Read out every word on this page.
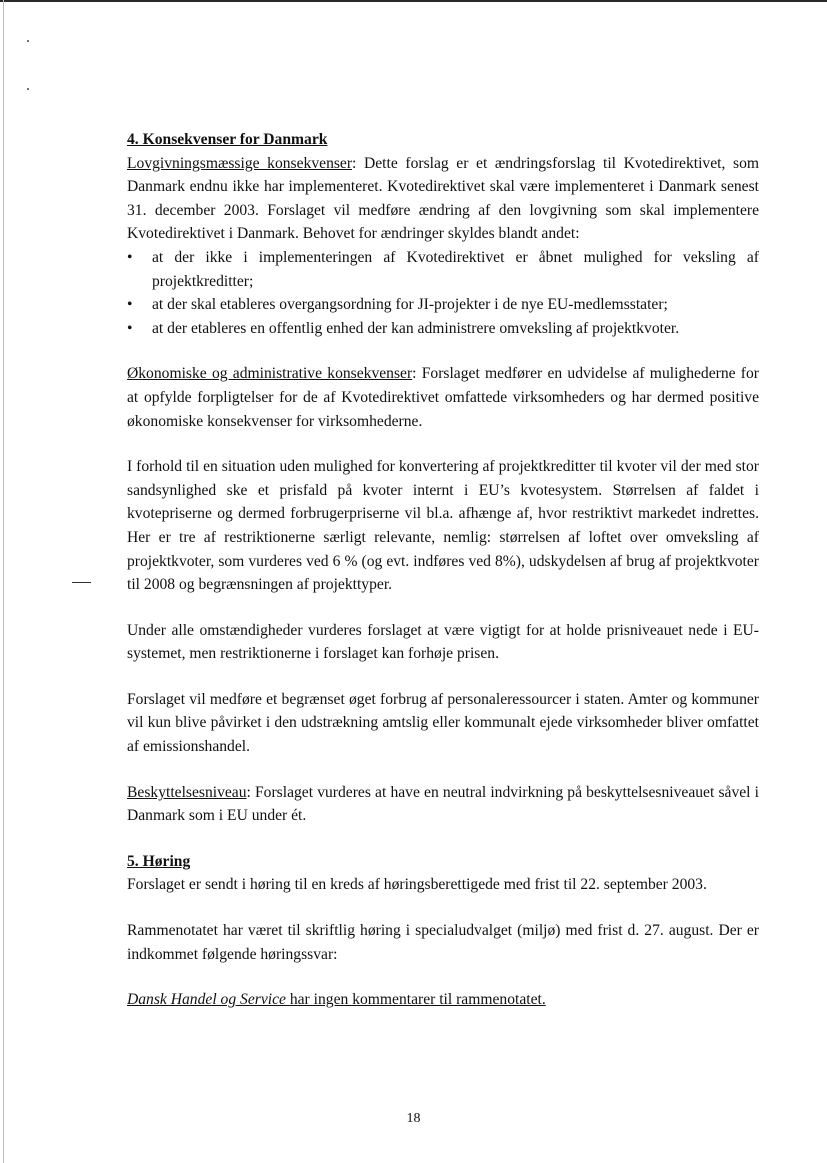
4. Konsekvenser for Danmark

Lovgivningsmæssige konsekvenser: Dette forslag er et ændringsforslag til Kvotedirektivet, som Danmark endnu ikke har implementeret. Kvotedirektivet skal være implementeret i Danmark senest 31. december 2003. Forslaget vil medføre ændring af den lovgivning som skal implementere Kvotedirektivet i Danmark. Behovet for ændringer skyldes blandt andet:

• at der ikke i implementeringen af Kvotedirektivet er åbnet mulighed for veksling af projektkreditter;
• at der skal etableres overgangsordning for JI-projekter i de nye EU-medlemsstater;
• at der etableres en offentlig enhed der kan administrere omveksling af projektkvoter.

Økonomiske og administrative konsekvenser: Forslaget medfører en udvidelse af mulighederne for at opfylde forpligtelser for de af Kvotedirektivet omfattede virksomheders og har dermed positive økonomiske konsekvenser for virksomhederne.

I forhold til en situation uden mulighed for konvertering af projektkreditter til kvoter vil der med stor sandsynlighed ske et prisfald på kvoter internt i EU’s kvotesystem. Størrelsen af faldet i kvotepriserne og dermed forbrugerpriserne vil bl.a. afhænge af, hvor restriktivt markedet indrettes. Her er tre af restriktionerne særligt relevante, nemlig: størrelsen af loftet over omveksling af projektkvoter, som vurderes ved 6 % (og evt. indføres ved 8%), udskydelsen af brug af projektkvoter til 2008 og begrænsningen af projekttyper.

Under alle omstændigheder vurderes forslaget at være vigtigt for at holde prisniveauet nede i EU-systemet, men restriktionerne i forslaget kan forhøje prisen.

Forslaget vil medføre et begrænset øget forbrug af personaleressourcer i staten. Amter og kommuner vil kun blive påvirket i den udstrækning amtslig eller kommunalt ejede virksomheder bliver omfattet af emissionshandel.

Beskyttelsesniveau: Forslaget vurderes at have en neutral indvirkning på beskyttelsesniveauet såvel i Danmark som i EU under ét.

5. Høring

Forslaget er sendt i høring til en kreds af høringsberettigede med frist til 22. september 2003.

Rammenotatet har været til skriftlig høring i specialudvalget (miljø) med frist d. 27. august. Der er indkommet følgende høringssvar:

Dansk Handel og Service har ingen kommentarer til rammenotatet.

18
